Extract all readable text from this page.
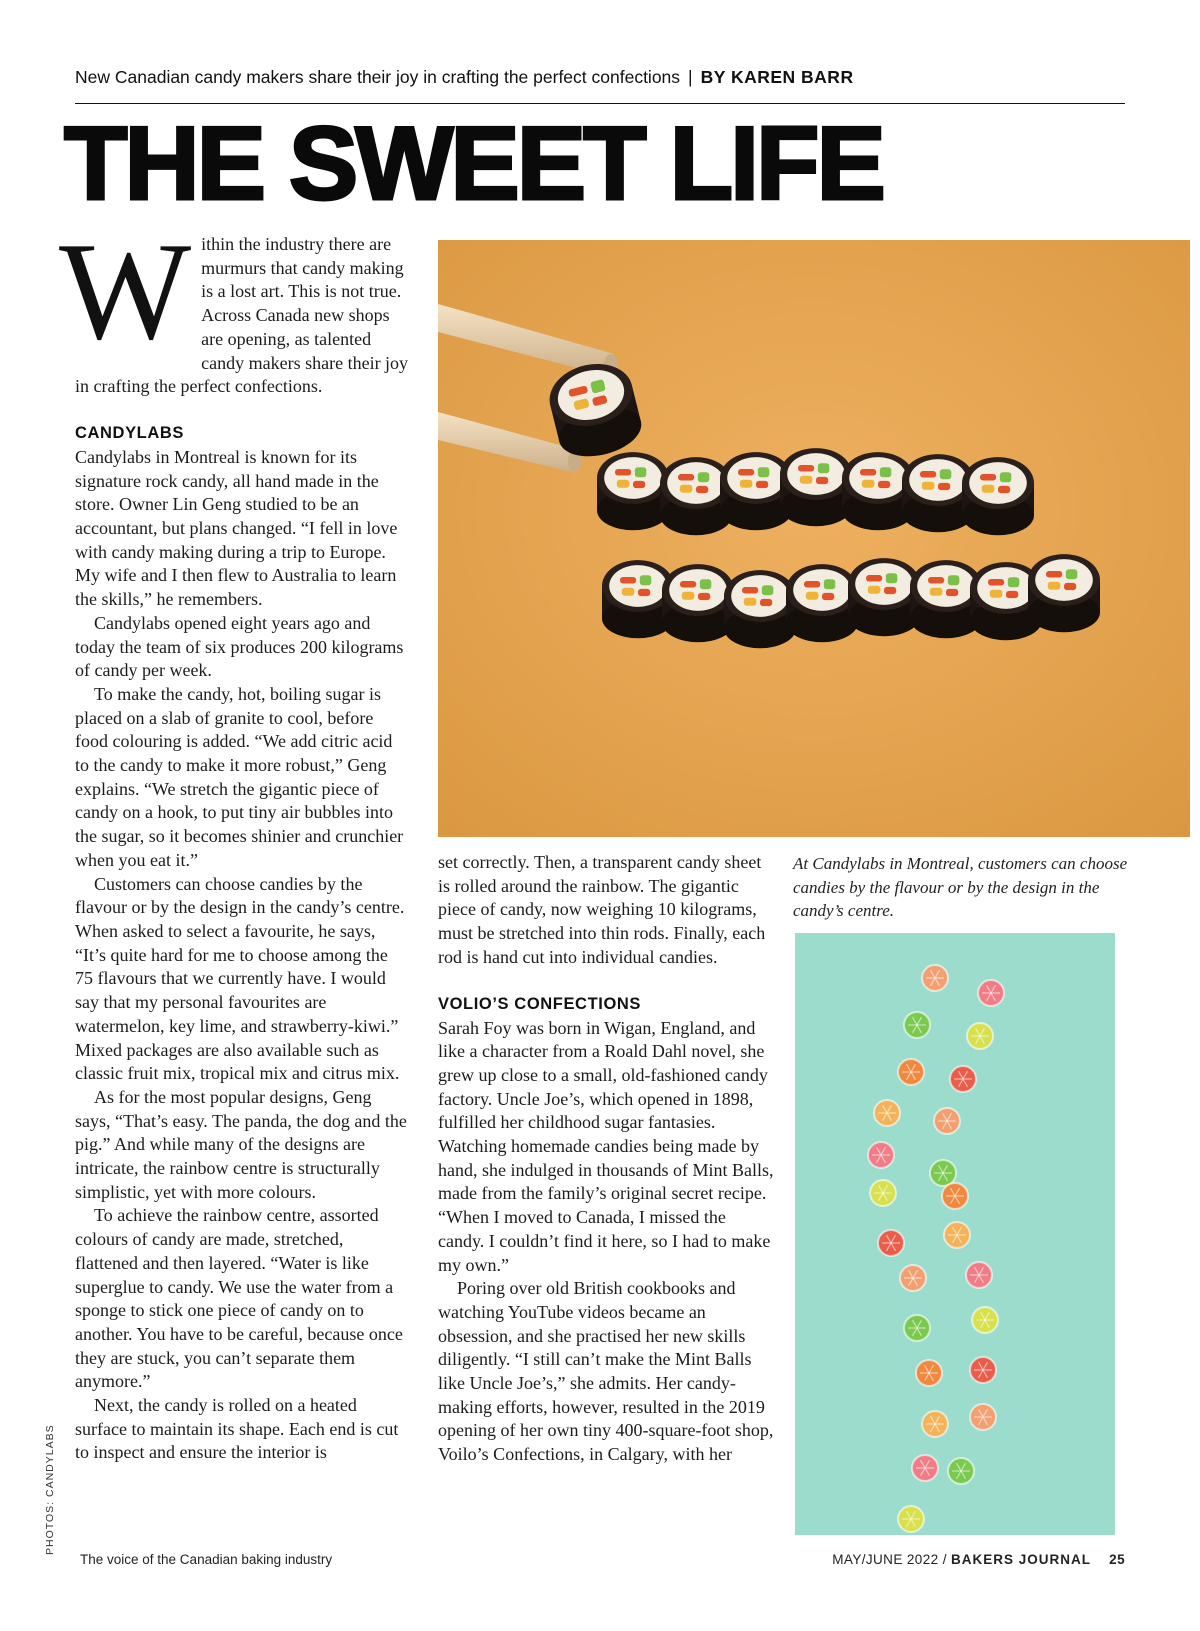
New Canadian candy makers share their joy in crafting the perfect confections | BY KAREN BARR
THE SWEET LIFE
W ithin the industry there are murmurs that candy making is a lost art. This is not true. Across Canada new shops are opening, as talented candy makers share their joy in crafting the perfect confections.

CANDYLABS

Candylabs in Montreal is known for its signature rock candy, all hand made in the store. Owner Lin Geng studied to be an accountant, but plans changed. “I fell in love with candy making during a trip to Europe. My wife and I then flew to Australia to learn the skills,” he remembers.

Candylabs opened eight years ago and today the team of six produces 200 kilograms of candy per week.

To make the candy, hot, boiling sugar is placed on a slab of granite to cool, before food colouring is added. “We add citric acid to the candy to make it more robust,” Geng explains. “We stretch the gigantic piece of candy on a hook, to put tiny air bubbles into the sugar, so it becomes shinier and crunchier when you eat it.”

Customers can choose candies by the flavour or by the design in the candy’s centre. When asked to select a favourite, he says, “It’s quite hard for me to choose among the 75 flavours that we currently have. I would say that my personal favourites are watermelon, key lime, and strawberry-kiwi.” Mixed packages are also available such as classic fruit mix, tropical mix and citrus mix.

As for the most popular designs, Geng says, “That’s easy. The panda, the dog and the pig.” And while many of the designs are intricate, the rainbow centre is structurally simplistic, yet with more colours.

To achieve the rainbow centre, assorted colours of candy are made, stretched, flattened and then layered. “Water is like superglue to candy. We use the water from a sponge to stick one piece of candy on to another. You have to be careful, because once they are stuck, you can’t separate them anymore.”

Next, the candy is rolled on a heated surface to maintain its shape. Each end is cut to inspect and ensure the interior is

set correctly. Then, a transparent candy sheet is rolled around the rainbow. The gigantic piece of candy, now weighing 10 kilograms, must be stretched into thin rods. Finally, each rod is hand cut into individual candies.

VOLIO’S CONFECTIONS

Sarah Foy was born in Wigan, England, and like a character from a Roald Dahl novel, she grew up close to a small, old-fashioned candy factory. Uncle Joe’s, which opened in 1898, fulfilled her childhood sugar fantasies. Watching homemade candies being made by hand, she indulged in thousands of Mint Balls, made from the family’s original secret recipe. “When I moved to Canada, I missed the candy. I couldn’t find it here, so I had to make my own.”

Poring over old British cookbooks and watching YouTube videos became an obsession, and she practised her new skills diligently. “I still can’t make the Mint Balls like Uncle Joe’s,” she admits. Her candy-making efforts, however, resulted in the 2019 opening of her own tiny 400-square-foot shop, Voilo’s Confections, in Calgary, with her

At Candylabs in Montreal, customers can choose candies by the flavour or by the design in the candy’s centre.
PHOTOS: CANDYLABS
The voice of the Canadian baking industry	MAY/JUNE 2022 / BAKERS JOURNAL 25
